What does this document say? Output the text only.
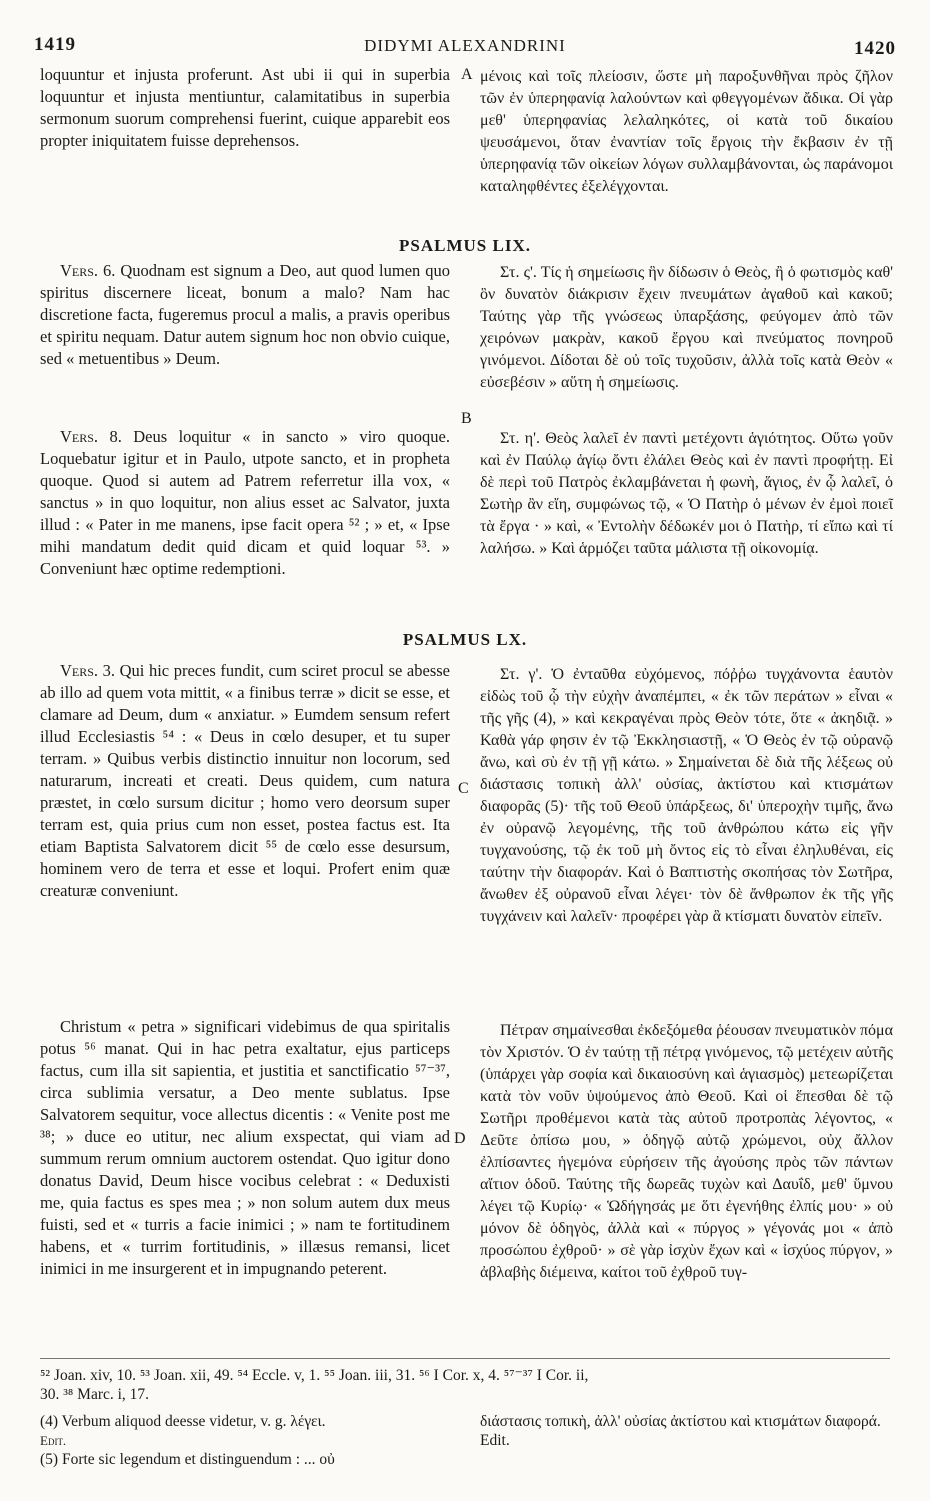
1419	DIDYMI ALEXANDRINI	1420

loquuntur et injusta proferunt. Ast ubi ii qui in superbia loquuntur et injusta mentiuntur, calamitatibus in superbia sermonum suorum comprehensi fuerint, cuique apparebit eos propter iniquitatem fuisse deprehensos.

A μένοις καὶ τοῖς πλείοσιν, ὥστε μὴ παροξυνθῆναι πρὸς ζῆλον τῶν ἐν ὑπερηφανίᾳ λαλούντων καὶ φθεγγομένων ἄδικα. Οἱ γὰρ μεθ' ὑπερηφανίας λελαληκότες, οἱ κατὰ τοῦ δικαίου ψευσάμενοι, ὅταν ἐναντίαν τοῖς ἔργοις τὴν ἔκβασιν ἐν τῇ ὑπερηφανίᾳ τῶν οἰκείων λόγων συλλαμβάνονται, ὡς παράνομοι καταληφθέντες ἐξελέγχονται.

PSALMUS LIX.

Vers. 6. Quodnam est signum a Deo, aut quod lumen quo spiritus discernere liceat, bonum a malo? Nam hac discretione facta, fugeremus procul a malis, a pravis operibus et spiritu nequam. Datur autem signum hoc non obvio cuique, sed « metuentibus » Deum.

Στ. ς'. Τίς ἡ σημείωσις ἣν δίδωσιν ὁ Θεὸς, ἢ ὁ φωτισμὸς καθ' ὃν δυνατὸν διάκρισιν ἔχειν πνευμάτων ἀγαθοῦ καὶ κακοῦ; Ταύτης γὰρ τῆς γνώσεως ὑπαρξάσης, φεύγομεν ἀπὸ τῶν χειρόνων μακρὰν, κακοῦ ἔργου καὶ πνεύματος πονηροῦ γινόμενοι. Δίδοται δὲ οὐ τοῖς τυχοῦσιν, ἀλλὰ τοῖς κατὰ Θεὸν « εὐσεβέσιν » αὕτη ἡ σημείωσις.

B

Vers. 8. Deus loquitur « in sancto » viro quoque. Loquebatur igitur et in Paulo, utpote sancto, et in propheta quoque. Quod si autem ad Patrem referretur illa vox, « sanctus » in quo loquitur, non alius esset ac Salvator, juxta illud : « Pater in me manens, ipse facit opera ⁵² ; » et, « Ipse mihi mandatum dedit quid dicam et quid loquar ⁵³. » Conveniunt hæc optime redemptioni.

Στ. η'. Θεὸς λαλεῖ ἐν παντὶ μετέχοντι ἁγιότητος. Οὕτω γοῦν καὶ ἐν Παύλῳ ἁγίῳ ὄντι ἐλάλει Θεὸς καὶ ἐν παντὶ προφήτῃ. Εἰ δὲ περὶ τοῦ Πατρὸς ἐκλαμβάνεται ἡ φωνὴ, ἅγιος, ἐν ᾧ λαλεῖ, ὁ Σωτὴρ ἂν εἴη, συμφώνως τῷ, « Ὁ Πατὴρ ὁ μένων ἐν ἐμοὶ ποιεῖ τὰ ἔργα · » καὶ, « Ἐντολὴν δέδωκέν μοι ὁ Πατὴρ, τί εἴπω καὶ τί λαλήσω. » Καὶ ἁρμόζει ταῦτα μάλιστα τῇ οἰκονομίᾳ.

PSALMUS LX.

Vers. 3. Qui hic preces fundit, cum sciret procul se abesse ab illo ad quem vota mittit, « a finibus terræ » dicit se esse, et clamare ad Deum, dum « anxiatur. » Eumdem sensum refert illud Ecclesiastis ⁵⁴ : « Deus in cœlo desuper, et tu super terram. » Quibus verbis distinctio innuitur non locorum, sed naturarum, increati et creati. Deus quidem, cum natura præstet, in cœlo sursum dicitur ; homo vero deorsum super terram est, quia prius cum non esset, postea factus est. Ita etiam Baptista Salvatorem dicit ⁵⁵ de cœlo esse desursum, hominem vero de terra et esse et loqui. Profert enim quæ creaturæ conveniunt.

C

Στ. γ'. Ὁ ἐνταῦθα εὐχόμενος, πόῤῥω τυγχάνοντα ἑαυτὸν εἰδὼς τοῦ ᾧ τὴν εὐχὴν ἀναπέμπει, « ἐκ τῶν περάτων » εἶναι « τῆς γῆς (4), » καὶ κεκραγέναι πρὸς Θεὸν τότε, ὅτε « ἀκηδιᾷ. » Καθὰ γάρ φησιν ἐν τῷ Ἐκκλησιαστῇ, « Ὁ Θεὸς ἐν τῷ οὐρανῷ ἄνω, καὶ σὺ ἐν τῇ γῇ κάτω. » Σημαίνεται δὲ διὰ τῆς λέξεως οὐ διάστασις τοπικὴ ἀλλ' οὐσίας, ἀκτίστου καὶ κτισμάτων διαφορᾶς (5)· τῆς τοῦ Θεοῦ ὑπάρξεως, δι' ὑπεροχὴν τιμῆς, ἄνω ἐν οὐρανῷ λεγομένης, τῆς τοῦ ἀνθρώπου κάτω εἰς γῆν τυγχανούσης, τῷ ἐκ τοῦ μὴ ὄντος εἰς τὸ εἶναι ἐληλυθέναι, εἰς ταύτην τὴν διαφοράν. Καὶ ὁ Βαπτιστὴς σκοπήσας τὸν Σωτῆρα, ἄνωθεν ἐξ οὐρανοῦ εἶναι λέγει· τὸν δὲ ἄνθρωπον ἐκ τῆς γῆς τυγχάνειν καὶ λαλεῖν· προφέρει γὰρ ἃ κτίσματι δυνατὸν εἰπεῖν.

Christum « petra » significari videbimus de qua spiritalis potus ⁵⁶ manat. Qui in hac petra exaltatur, ejus particeps factus, cum illa sit sapientia, et justitia et sanctificatio ⁵⁷⁻³⁷, circa sublimia versatur, a Deo mente sublatus. Ipse Salvatorem sequitur, voce allectus dicentis : « Venite post me ³⁸; » duce eo utitur, nec alium exspectat, qui viam ad summum rerum omnium auctorem ostendat. Quo igitur dono donatus David, Deum hisce vocibus celebrat : « Deduxisti me, quia factus es spes mea ; » non solum autem dux meus fuisti, sed et « turris a facie inimici ; » nam te fortitudinem habens, et « turrim fortitudinis, » illæsus remansi, licet inimici in me insurgerent et in impugnando peterent.

D

Πέτραν σημαίνεσθαι ἐκδεξόμεθα ῥέουσαν πνευματικὸν πόμα τὸν Χριστόν. Ὁ ἐν ταύτῃ τῇ πέτρᾳ γινόμενος, τῷ μετέχειν αὐτῆς (ὑπάρχει γὰρ σοφία καὶ δικαιοσύνη καὶ ἁγιασμὸς) μετεωρίζεται κατὰ τὸν νοῦν ὑψούμενος ἀπὸ Θεοῦ. Καὶ οἱ ἕπεσθαι δὲ τῷ Σωτῆρι προθέμενοι κατὰ τὰς αὐτοῦ προτροπὰς λέγοντος, « Δεῦτε ὀπίσω μου, » ὁδηγῷ αὐτῷ χρώμενοι, οὐχ ἄλλον ἐλπίσαντες ἡγεμόνα εὑρήσειν τῆς ἀγούσης πρὸς τῶν πάντων αἴτιον ὁδοῦ. Ταύτης τῆς δωρεᾶς τυχὼν καὶ Δαυΐδ, μεθ' ὕμνου λέγει τῷ Κυρίῳ· « Ὡδήγησάς με ὅτι ἐγενήθης ἐλπίς μου· » οὐ μόνον δὲ ὁδηγὸς, ἀλλὰ καὶ « πύργος » γέγονάς μοι « ἀπὸ προσώπου ἐχθροῦ· » σὲ γὰρ ἰσχὺν ἔχων καὶ « ἰσχύος πύργον, » ἀβλαβὴς διέμεινα, καίτοι τοῦ ἐχθροῦ τυγ-

⁵² Joan. xiv, 10. ⁵³ Joan. xii, 49. ⁵⁴ Eccle. v, 1. ⁵⁵ Joan. iii, 31. ⁵⁶ I Cor. x, 4. ⁵⁷⁻³⁷ I Cor. ii,
30. ³⁸ Marc. i, 17.
(4) Verbum aliquod deesse videtur, v. g. λέγει.
Edit.
(5) Forte sic legendum et distinguendum : ... οὐ
διάστασις τοπικὴ, ἀλλ' οὐσίας ἀκτίστου καὶ κτισμάτων διαφορά. Edit.
